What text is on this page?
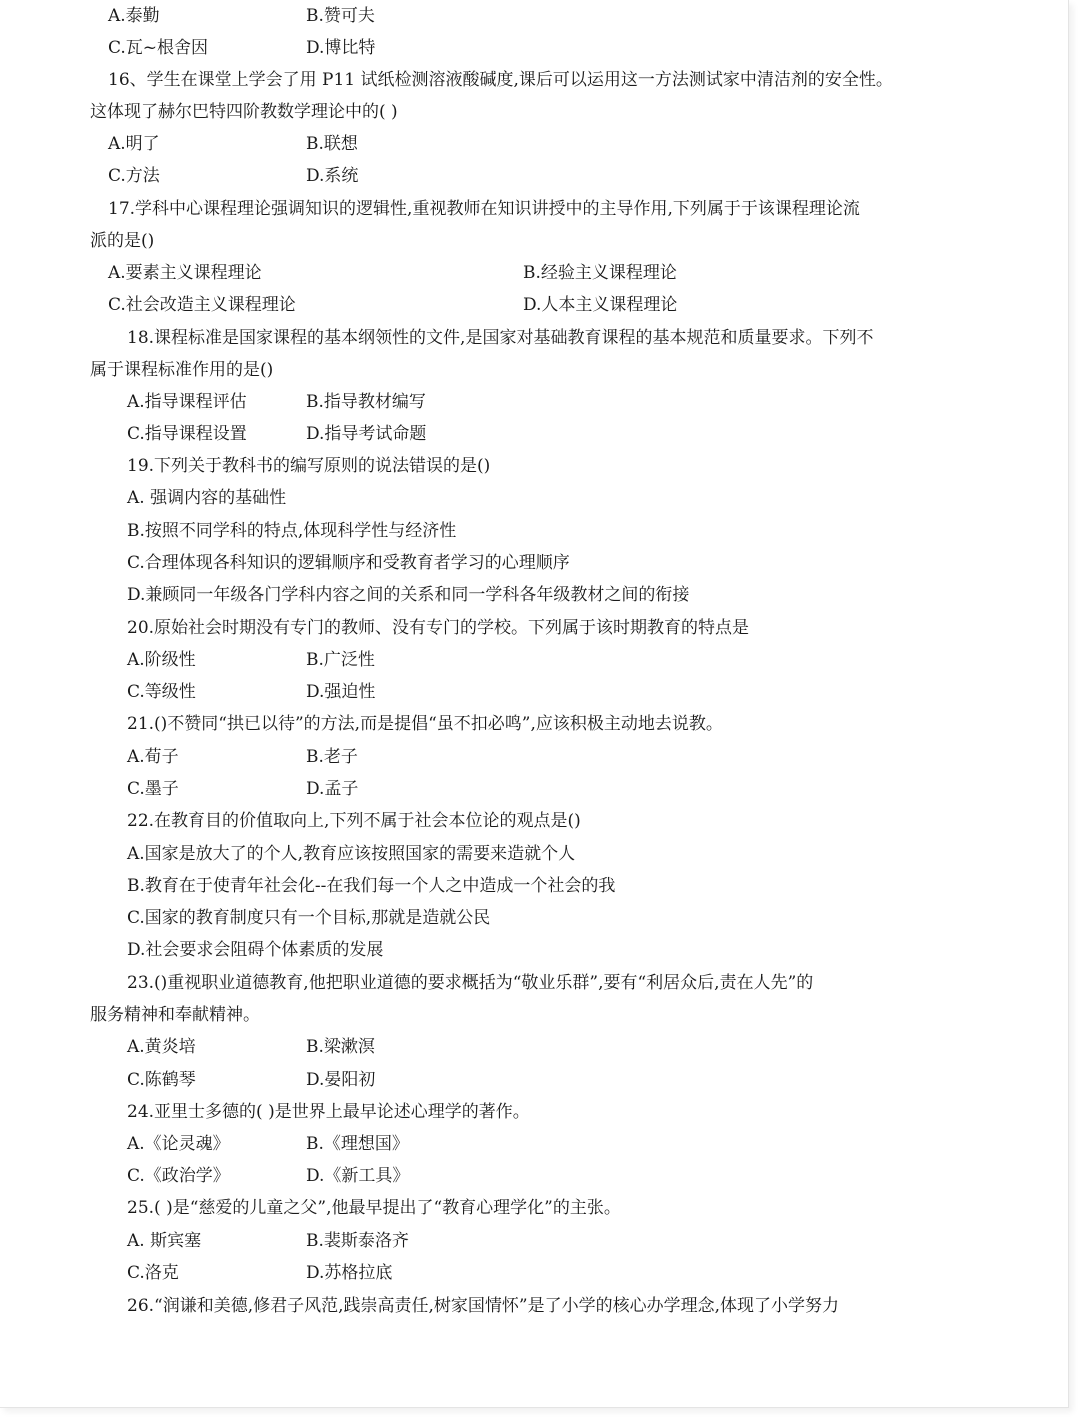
A.泰勤	B.赞可夫
C.瓦~根舍因	D.博比特
16、学生在课堂上学会了用 P11 试纸检测溶液酸碱度,课后可以运用这一方法测试家中清洁剂的安全性。
这体现了赫尔巴特四阶教数学理论中的( )
A.明了	B.联想
C.方法	D.系统
17.学科中心课程理论强调知识的逻辑性,重视教师在知识讲授中的主导作用,下列属于于该课程理论流
派的是()
A.要素主义课程理论	B.经验主义课程理论
C.社会改造主义课程理论	D.人本主义课程理论
18.课程标准是国家课程的基本纲领性的文件,是国家对基础教育课程的基本规范和质量要求。下列不
属于课程标准作用的是()
A.指导课程评估	B.指导教材编写
C.指导课程设置	D.指导考试命题
19.下列关于教科书的编写原则的说法错误的是()
A. 强调内容的基础性
B.按照不同学科的特点,体现科学性与经济性
C.合理体现各科知识的逻辑顺序和受教育者学习的心理顺序
D.兼顾同一年级各门学科内容之间的关系和同一学科各年级教材之间的衔接
20.原始社会时期没有专门的教师、没有专门的学校。下列属于该时期教育的特点是
A.阶级性	B.广泛性
C.等级性	D.强迫性
21.()不赞同“拱已以待”的方法,而是提倡“虽不扣必鸣”,应该积极主动地去说教。
A.荀子	B.老子
C.墨子	D.孟子
22.在教育目的价值取向上,下列不属于社会本位论的观点是()
A.国家是放大了的个人,教育应该按照国家的需要来造就个人
B.教育在于使青年社会化--在我们每一个人之中造成一个社会的我
C.国家的教育制度只有一个目标,那就是造就公民
D.社会要求会阻碍个体素质的发展
23.()重视职业道德教育,他把职业道德的要求概括为“敬业乐群”,要有“利居众后,责在人先”的
服务精神和奉献精神。
A.黄炎培	B.梁漱溟
C.陈鹤琴	D.晏阳初
24.亚里士多德的( )是世界上最早论述心理学的著作。
A.《论灵魂》	B.《理想国》
C.《政治学》	D.《新工具》
25.( )是“慈爱的儿童之父”,他最早提出了“教育心理学化”的主张。
A. 斯宾塞	B.裴斯泰洛齐
C.洛克	D.苏格拉底
26.“润谦和美德,修君子风范,践崇高责任,树家国情怀”是了小学的核心办学理念,体现了小学努力
